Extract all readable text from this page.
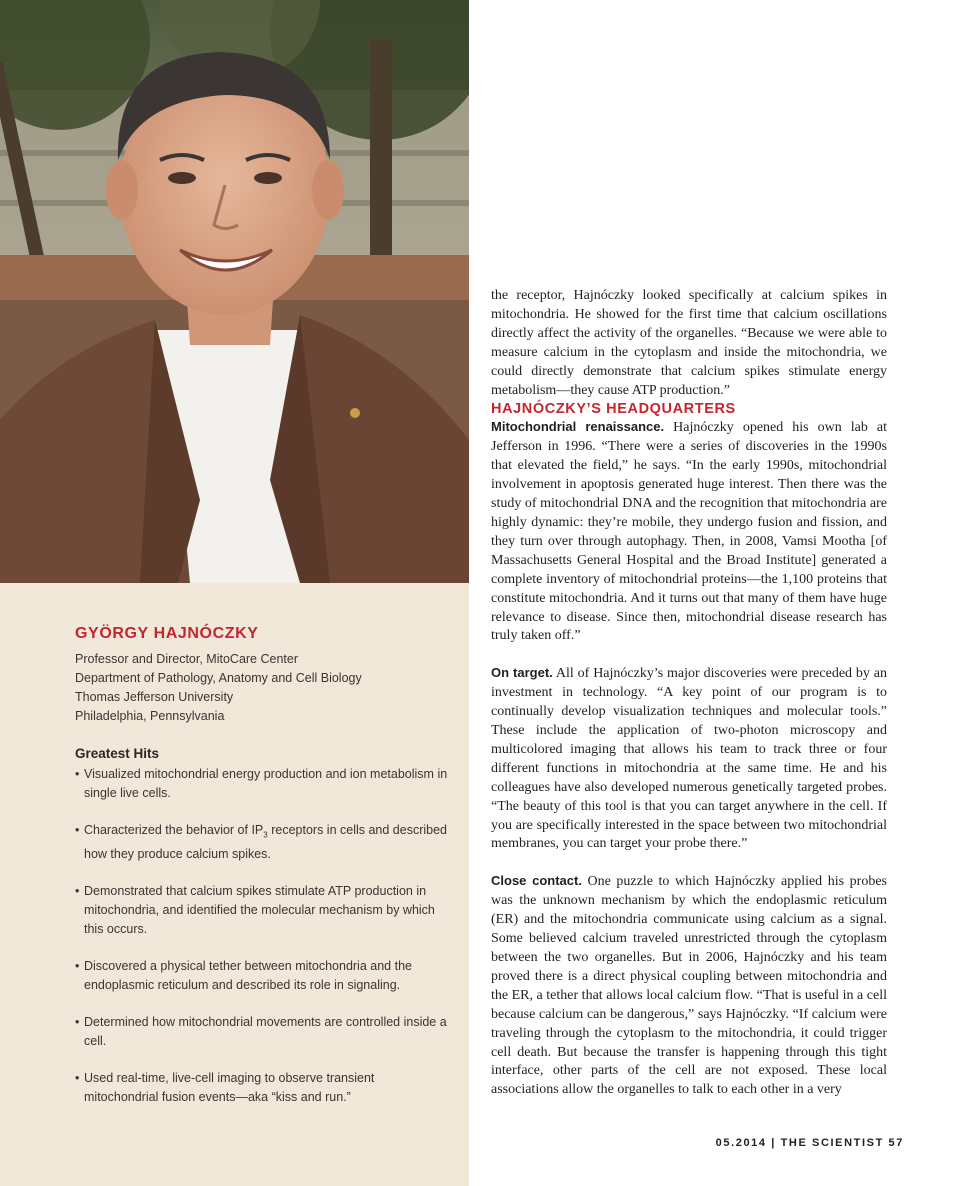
GYÖRGY HAJNÓCZKY

Professor and Director, MitoCare Center

Department of Pathology, Anatomy and Cell Biology

Thomas Jefferson University

Philadelphia, Pennsylvania

Greatest Hits

• Visualized mitochondrial energy production and ion metabolism in single live cells.
• Characterized the behavior of $IP_3$ receptors in cells and described how they produce calcium spikes.
• Demonstrated that calcium spikes stimulate ATP production in mitochondria, and identified the molecular mechanism by which this occurs.
• Discovered a physical tether between mitochondria and the endoplasmic reticulum and described its role in signaling.
• Determined how mitochondrial movements are controlled inside a cell.
• Used real-time, live-cell imaging to observe transient mitochondrial fusion events—aka “kiss and run.”

the receptor, Hajnóczky looked specifically at calcium spikes in mitochondria. He showed for the first time that calcium oscillations directly affect the activity of the organelles. “Because we were able to measure calcium in the cytoplasm and inside the mitochondria, we could directly demonstrate that calcium spikes stimulate energy metabolism—they cause ATP production.”

HAJNÓCZKY’S HEADQUARTERS

Mitochondrial renaissance. Hajnóczky opened his own lab at Jefferson in 1996. “There were a series of discoveries in the 1990s that elevated the field,” he says. “In the early 1990s, mitochondrial involvement in apoptosis generated huge interest. Then there was the study of mitochondrial DNA and the recognition that mitochondria are highly dynamic: they’re mobile, they undergo fusion and fission, and they turn over through autophagy. Then, in 2008, Vamsi Mootha [of Massachusetts General Hospital and the Broad Institute] generated a complete inventory of mitochondrial proteins—the 1,100 proteins that constitute mitochondria. And it turns out that many of them have huge relevance to disease. Since then, mitochondrial disease research has truly taken off.”

On target. All of Hajnóczky’s major discoveries were preceded by an investment in technology. “A key point of our program is to continually develop visualization techniques and molecular tools.” These include the application of two-photon microscopy and multicolored imaging that allows his team to track three or four different functions in mitochondria at the same time. He and his colleagues have also developed numerous genetically targeted probes. “The beauty of this tool is that you can target anywhere in the cell. If you are specifically interested in the space between two mitochondrial membranes, you can target your probe there.”

Close contact. One puzzle to which Hajnóczky applied his probes was the unknown mechanism by which the endoplasmic reticulum (ER) and the mitochondria communicate using calcium as a signal. Some believed calcium traveled unrestricted through the cytoplasm between the two organelles. But in 2006, Hajnóczky and his team proved there is a direct physical coupling between mitochondria and the ER, a tether that allows local calcium flow. “That is useful in a cell because calcium can be dangerous,” says Hajnóczky. “If calcium were traveling through the cytoplasm to the mitochondria, it could trigger cell death. But because the transfer is happening through this tight interface, other parts of the cell are not exposed. These local associations allow the organelles to talk to each other in a very

05.2014 | THE SCIENTIST 57
